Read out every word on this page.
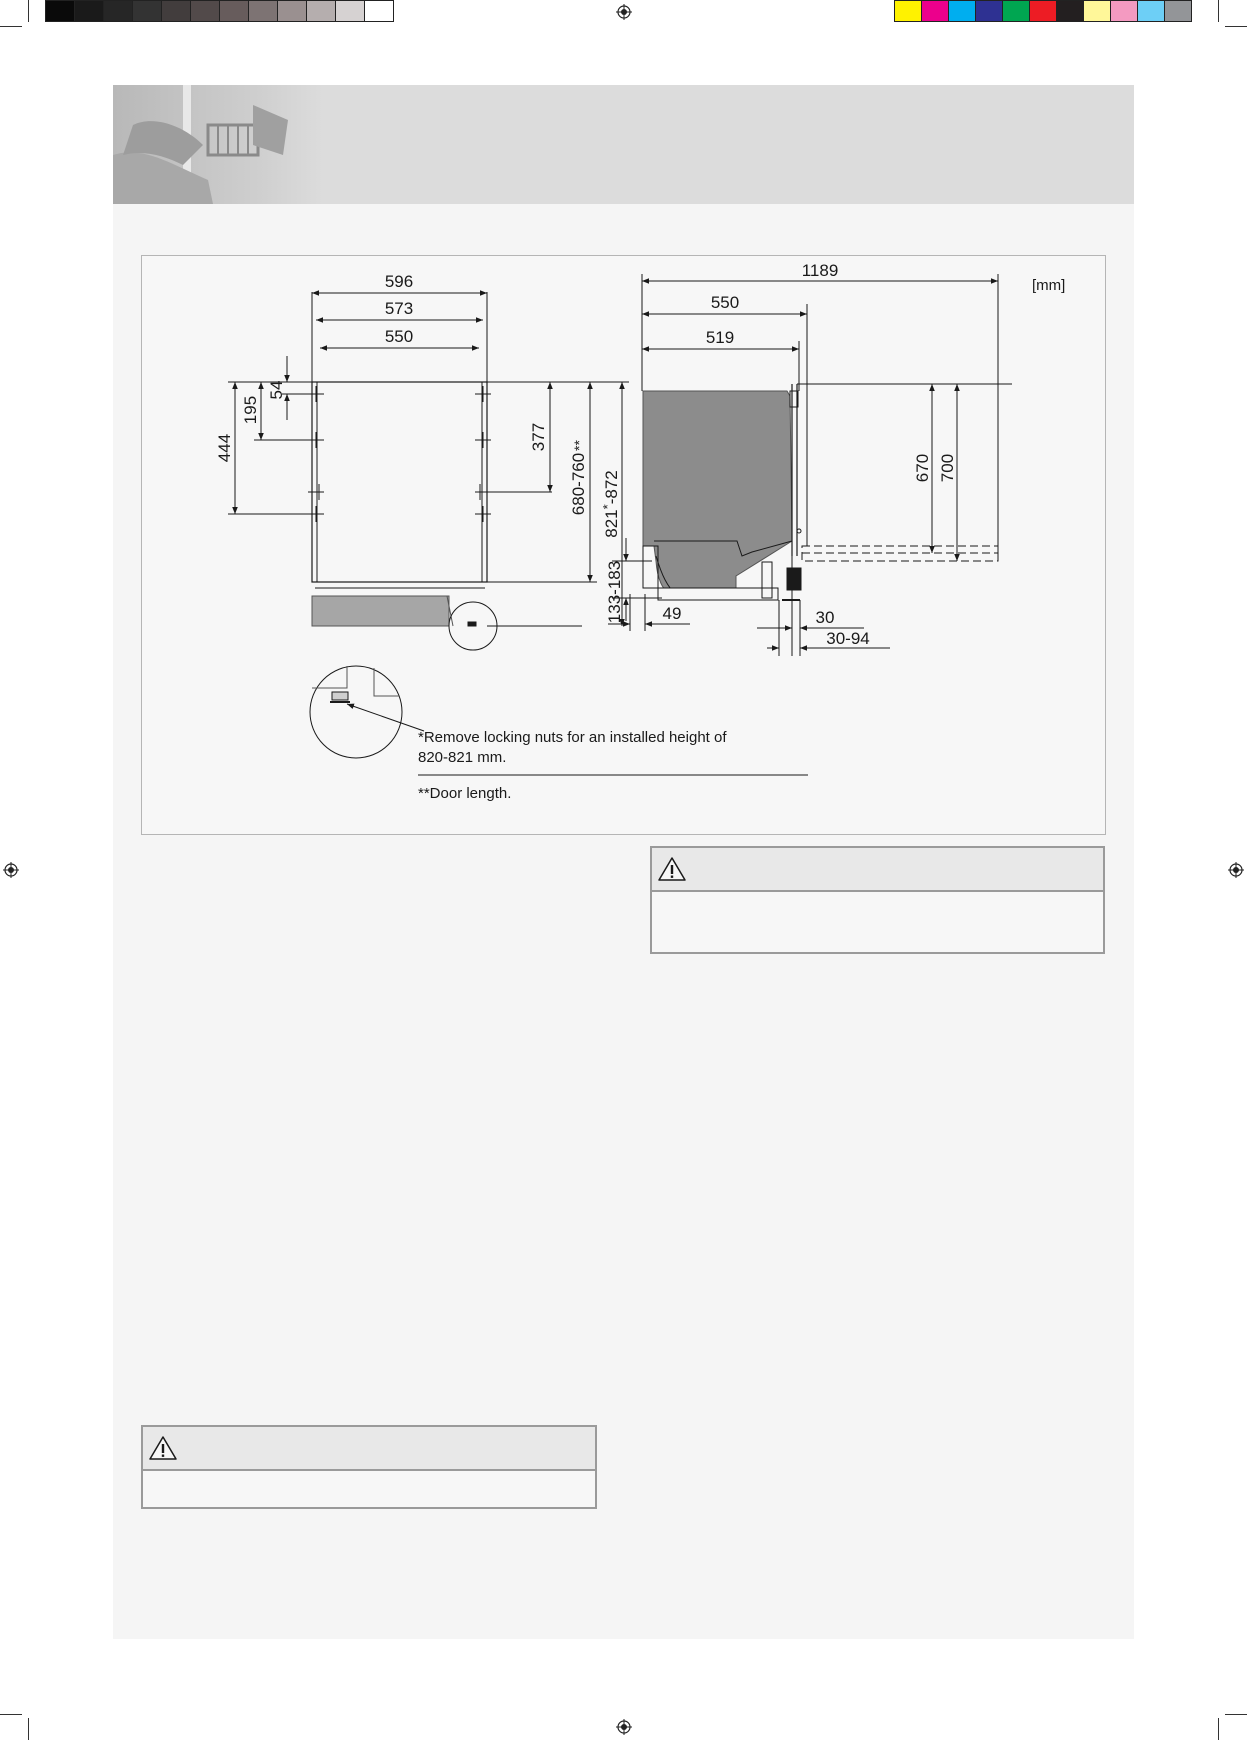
[mm]
596
573
550
54
195
444	377
680-760
**
821*-872
1189
550
519
670 700
133-183 49	30
30-94
*Remove locking nuts for an installed height of
820-821 mm.
**Door length.
